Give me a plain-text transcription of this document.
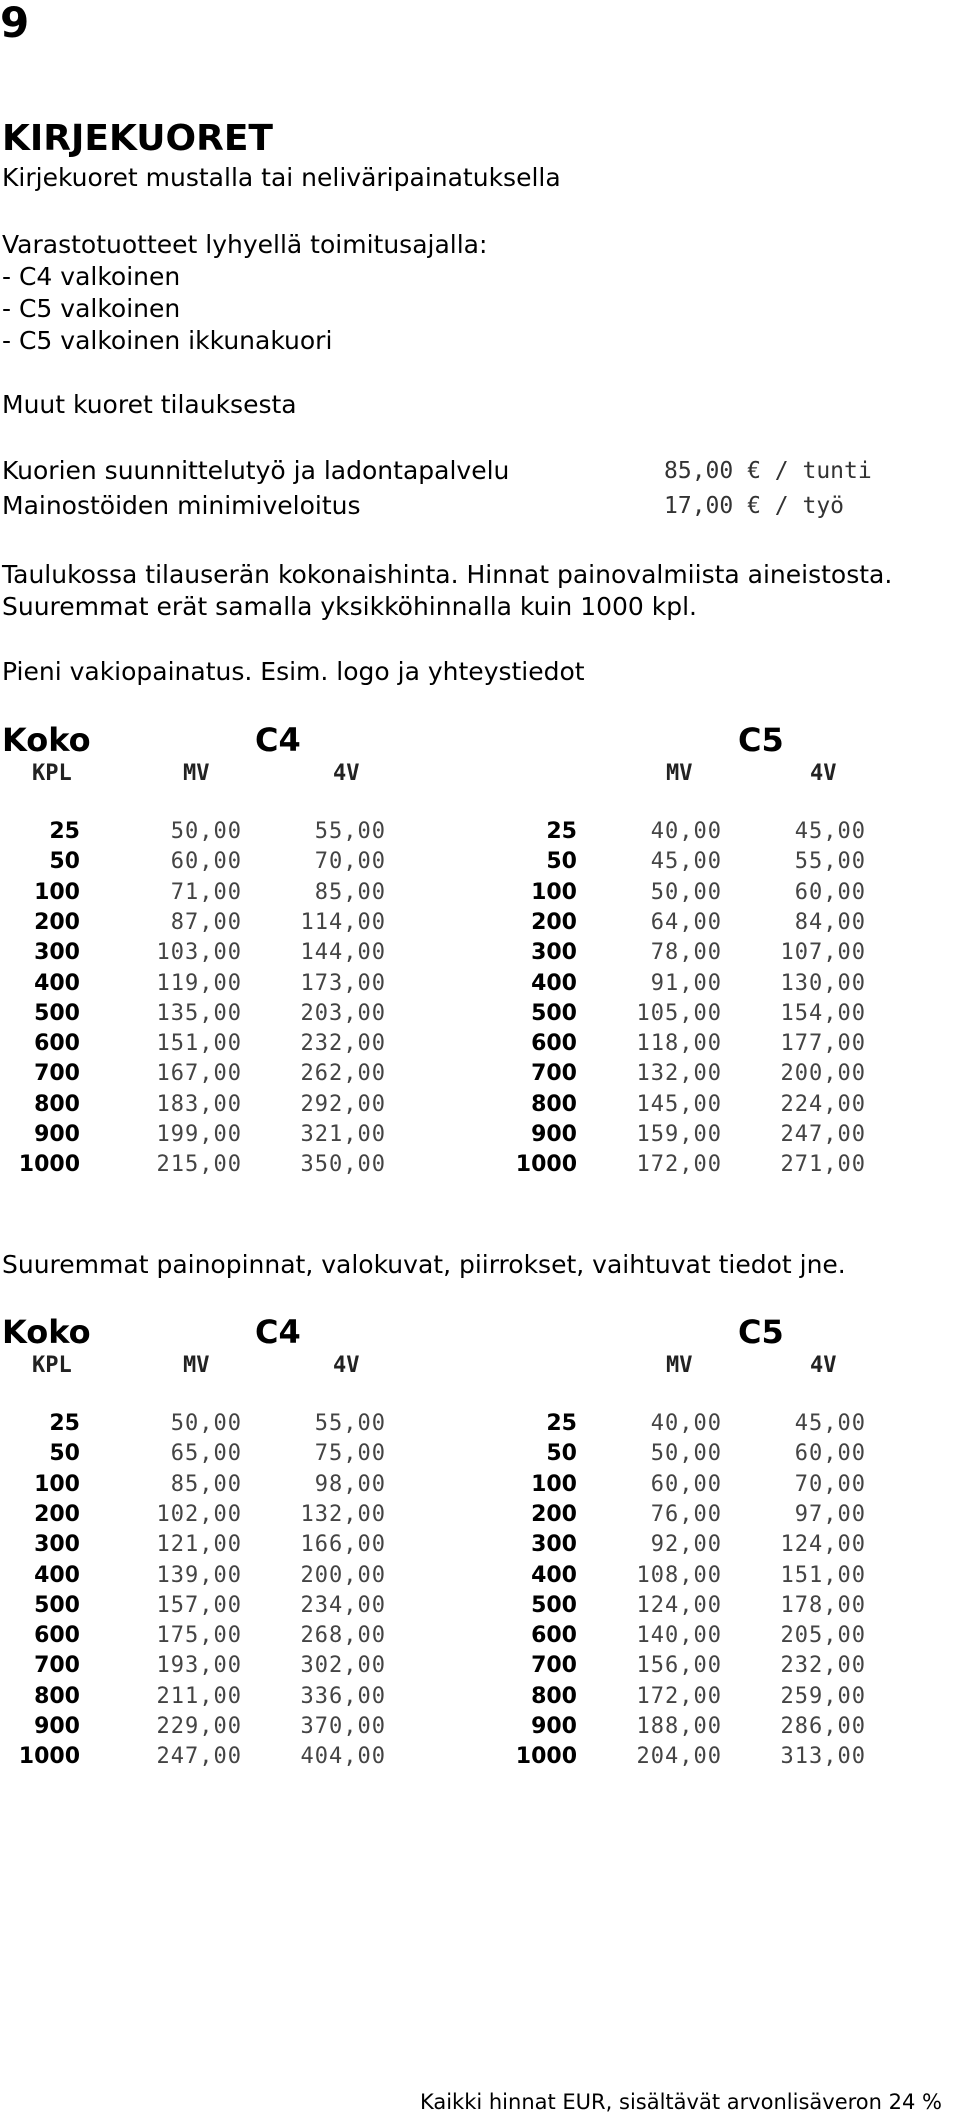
9
KIRJEKUORET
Kirjekuoret mustalla tai neliväripainatuksella
Varastotuotteet lyhyellä toimitusajalla:
- C4 valkoinen
- C5 valkoinen
- C5 valkoinen ikkunakuori
Muut kuoret tilauksesta
Kuorien suunnittelutyö ja ladontapalvelu	85,00 € / tunti
Mainostöiden minimiveloitus	17,00 € / työ
Taulukossa tilauserän kokonaishinta. Hinnat painovalmiista aineistosta.
Suuremmat erät samalla yksikköhinnalla kuin 1000 kpl.
Pieni vakiopainatus. Esim. logo ja yhteystiedot
Koko	C4	C5
KPL	MV	4V	MV	4V
25	50,00	55,00	25	40,00	45,00
50	60,00	70,00	50	45,00	55,00
100	71,00	85,00	100	50,00	60,00
200	87,00	114,00	200	64,00	84,00
300	103,00	144,00	300	78,00	107,00
400	119,00	173,00	400	91,00	130,00
500	135,00	203,00	500	105,00	154,00
600	151,00	232,00	600	118,00	177,00
700	167,00	262,00	700	132,00	200,00
800	183,00	292,00	800	145,00	224,00
900	199,00	321,00	900	159,00	247,00
1000	215,00	350,00	1000	172,00	271,00
Suuremmat painopinnat, valokuvat, piirrokset, vaihtuvat tiedot jne.
Koko	C4	C5
KPL	MV	4V	MV	4V
25	50,00	55,00	25	40,00	45,00
50	65,00	75,00	50	50,00	60,00
100	85,00	98,00	100	60,00	70,00
200	102,00	132,00	200	76,00	97,00
300	121,00	166,00	300	92,00	124,00
400	139,00	200,00	400	108,00	151,00
500	157,00	234,00	500	124,00	178,00
600	175,00	268,00	600	140,00	205,00
700	193,00	302,00	700	156,00	232,00
800	211,00	336,00	800	172,00	259,00
900	229,00	370,00	900	188,00	286,00
1000	247,00	404,00	1000	204,00	313,00
Kaikki hinnat EUR, sisältävät arvonlisäveron 24 %
